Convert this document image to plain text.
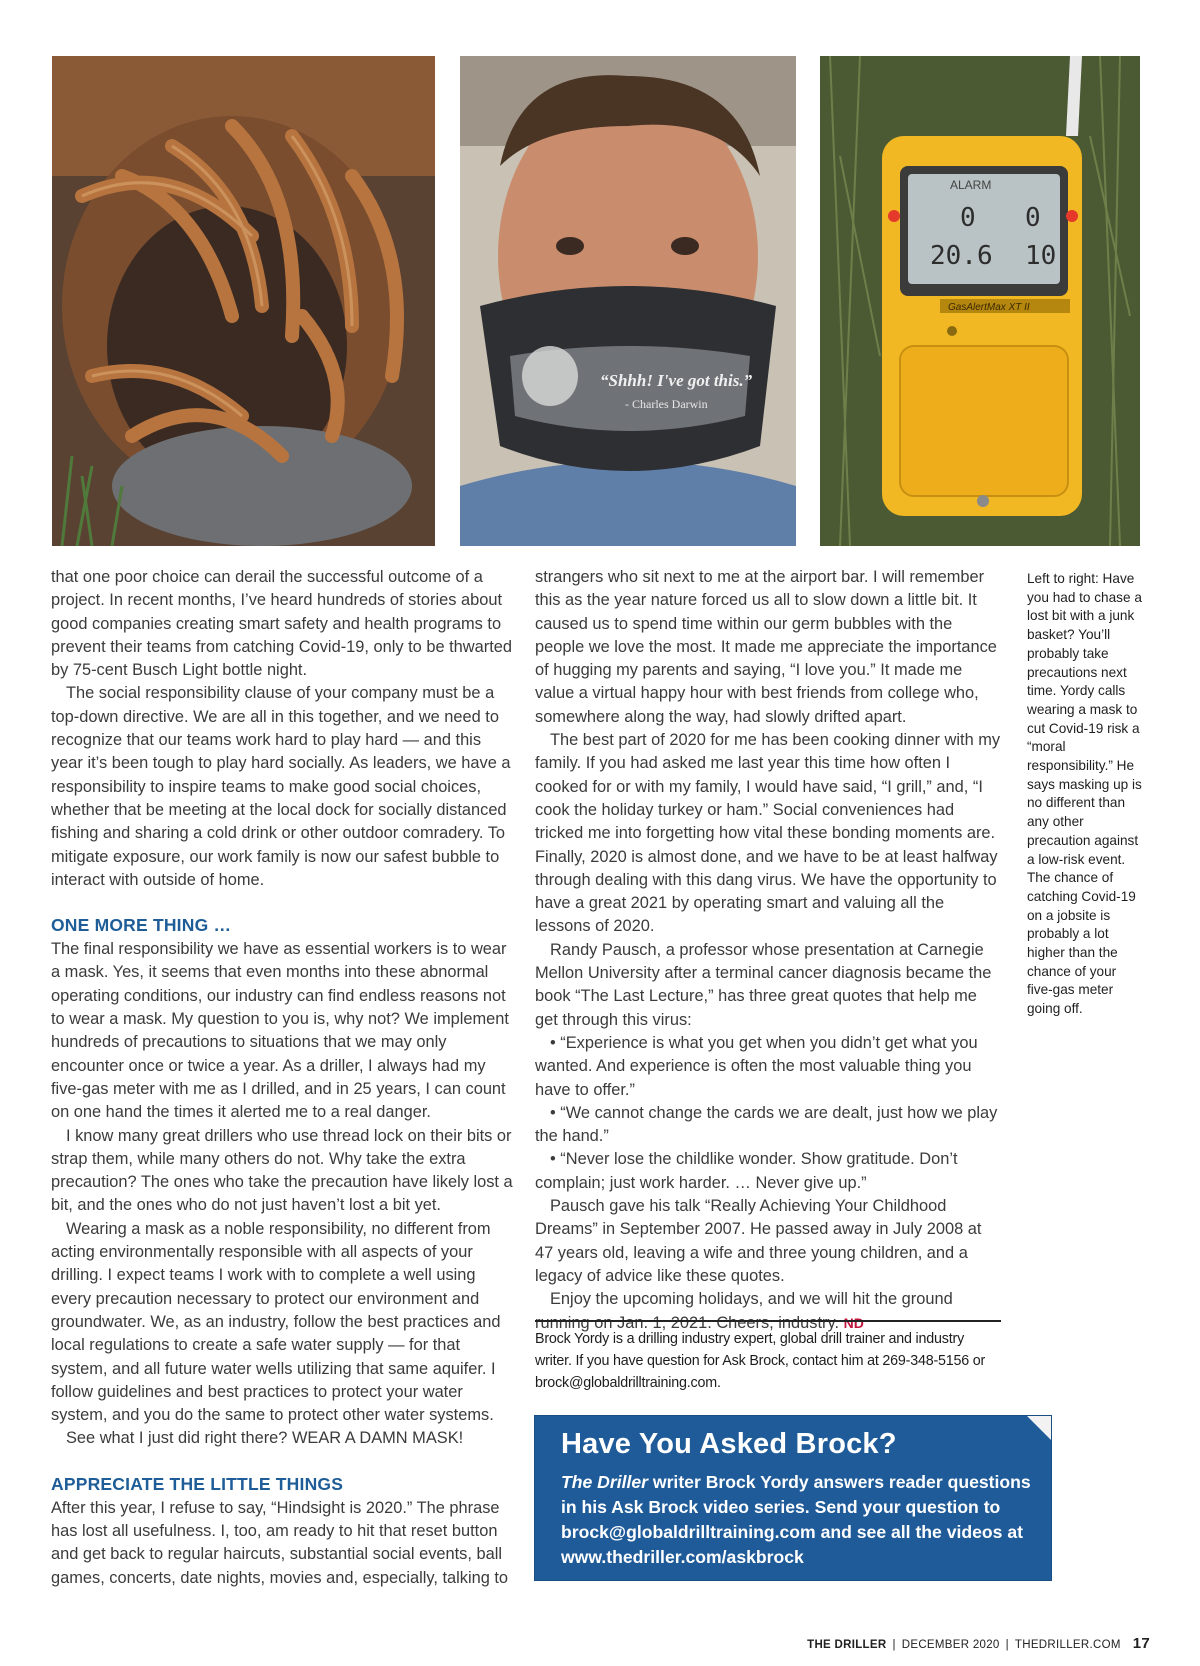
“Shhh! I've got this.”
- Charles Darwin
ALARM
0 0
20.6 10
GasAlertMax XT II

that one poor choice can derail the successful outcome of a project. In recent months, I’ve heard hundreds of stories about good companies creating smart safety and health programs to prevent their teams from catching Covid-19, only to be thwarted by 75-cent Busch Light bottle night.

The social responsibility clause of your company must be a top-down directive. We are all in this together, and we need to recognize that our teams work hard to play hard — and this year it’s been tough to play hard socially. As leaders, we have a responsibility to inspire teams to make good social choices, whether that be meeting at the local dock for socially distanced fishing and sharing a cold drink or other outdoor comradery. To mitigate exposure, our work family is now our safest bubble to interact with outside of home.

ONE MORE THING …

The final responsibility we have as essential workers is to wear a mask. Yes, it seems that even months into these abnormal operating conditions, our industry can find endless reasons not to wear a mask. My question to you is, why not? We implement hundreds of precautions to situations that we may only encounter once or twice a year. As a driller, I always had my five-gas meter with me as I drilled, and in 25 years, I can count on one hand the times it alerted me to a real danger.

I know many great drillers who use thread lock on their bits or strap them, while many others do not. Why take the extra precaution? The ones who take the precaution have likely lost a bit, and the ones who do not just haven’t lost a bit yet.

Wearing a mask as a noble responsibility, no different from acting environmentally responsible with all aspects of your drilling. I expect teams I work with to complete a well using every precaution necessary to protect our environment and groundwater. We, as an industry, follow the best practices and local regulations to create a safe water supply — for that system, and all future water wells utilizing that same aquifer. I follow guidelines and best practices to protect your water system, and you do the same to protect other water systems.

See what I just did right there? WEAR A DAMN MASK!

APPRECIATE THE LITTLE THINGS

After this year, I refuse to say, “Hindsight is 2020.” The phrase has lost all usefulness. I, too, am ready to hit that reset button and get back to regular haircuts, substantial social events, ball games, concerts, date nights, movies and, especially, talking to

strangers who sit next to me at the airport bar. I will remember this as the year nature forced us all to slow down a little bit. It caused us to spend time within our germ bubbles with the people we love the most. It made me appreciate the importance of hugging my parents and saying, “I love you.” It made me value a virtual happy hour with best friends from college who, somewhere along the way, had slowly drifted apart.

The best part of 2020 for me has been cooking dinner with my family. If you had asked me last year this time how often I cooked for or with my family, I would have said, “I grill,” and, “I cook the holiday turkey or ham.” Social conveniences had tricked me into forgetting how vital these bonding moments are. Finally, 2020 is almost done, and we have to be at least halfway through dealing with this dang virus. We have the opportunity to have a great 2021 by operating smart and valuing all the lessons of 2020.

Randy Pausch, a professor whose presentation at Carnegie Mellon University after a terminal cancer diagnosis became the book “The Last Lecture,” has three great quotes that help me get through this virus:

• “Experience is what you get when you didn’t get what you wanted. And experience is often the most valuable thing you have to offer.”

• “We cannot change the cards we are dealt, just how we play the hand.”

• “Never lose the childlike wonder. Show gratitude. Don’t complain; just work harder. … Never give up.”

Pausch gave his talk “Really Achieving Your Childhood Dreams” in September 2007. He passed away in July 2008 at 47 years old, leaving a wife and three young children, and a legacy of advice like these quotes.

Enjoy the upcoming holidays, and we will hit the ground running on Jan. 1, 2021. Cheers, industry. ND

Brock Yordy is a drilling industry expert, global drill trainer and industry writer. If you have question for Ask Brock, contact him at 269-348-5156 or brock@globaldrilltraining.com.
Left to right: Have you had to chase a lost bit with a junk basket? You’ll probably take precautions next time. Yordy calls wearing a mask to cut Covid-19 risk a “moral responsibility.” He says masking up is no different than any other precaution against a low-risk event. The chance of catching Covid-19 on a jobsite is probably a lot higher than the chance of your five-gas meter going off.
Have You Asked Brock?
The Driller writer Brock Yordy answers reader questions in his Ask Brock video series. Send your question to brock@globaldrilltraining.com and see all the videos at www.thedriller.com/askbrock
THE DRILLER | DECEMBER 2020 | THEDRILLER.COM 17
